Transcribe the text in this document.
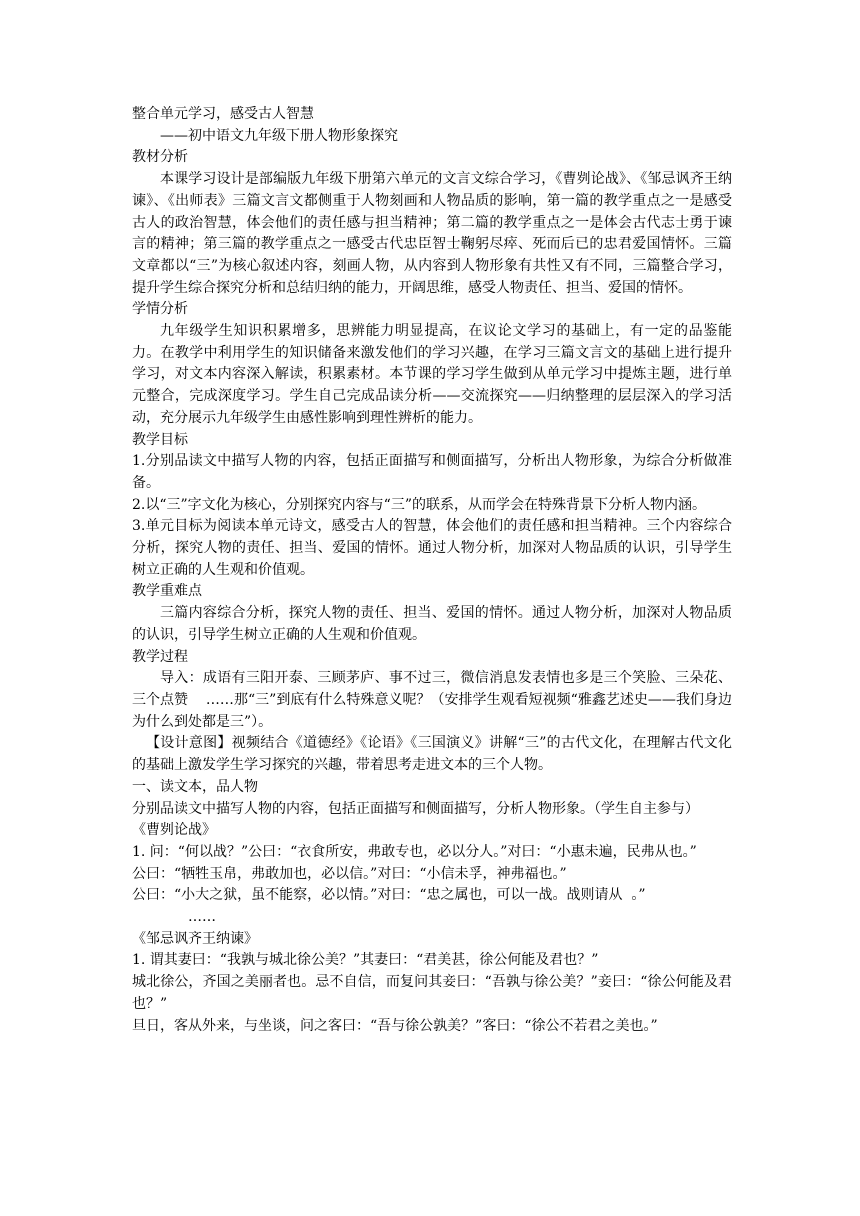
整合单元学习，感受古人智慧

——初中语文九年级下册人物形象探究

教材分析

本课学习设计是部编版九年级下册第六单元的文言文综合学习，《曹刿论战》、《邹忌讽齐王纳谏》、《出师表》三篇文言文都侧重于人物刻画和人物品质的影响，第一篇的教学重点之一是感受古人的政治智慧，体会他们的责任感与担当精神；第二篇的教学重点之一是体会古代志士勇于谏言的精神；第三篇的教学重点之一感受古代忠臣智士鞠躬尽瘁、死而后已的忠君爱国情怀。三篇文章都以“三”为核心叙述内容，刻画人物，从内容到人物形象有共性又有不同，三篇整合学习，提升学生综合探究分析和总结归纳的能力，开阔思维，感受人物责任、担当、爱国的情怀。

学情分析

九年级学生知识积累增多，思辨能力明显提高，在议论文学习的基础上，有一定的品鉴能力。在教学中利用学生的知识储备来激发他们的学习兴趣，在学习三篇文言文的基础上进行提升学习，对文本内容深入解读，积累素材。本节课的学习学生做到从单元学习中提炼主题，进行单元整合，完成深度学习。学生自己完成品读分析——交流探究——归纳整理的层层深入的学习活动，充分展示九年级学生由感性影响到理性辨析的能力。

教学目标

1.分别品读文中描写人物的内容，包括正面描写和侧面描写，分析出人物形象，为综合分析做准备。

2.以“三”字文化为核心，分别探究内容与“三”的联系，从而学会在特殊背景下分析人物内涵。

3.单元目标为阅读本单元诗文，感受古人的智慧，体会他们的责任感和担当精神。三个内容综合分析，探究人物的责任、担当、爱国的情怀。通过人物分析，加深对人物品质的认识，引导学生树立正确的人生观和价值观。

教学重难点

三篇内容综合分析，探究人物的责任、担当、爱国的情怀。通过人物分析，加深对人物品质的认识，引导学生树立正确的人生观和价值观。

教学过程

导入：成语有三阳开泰、三顾茅庐、事不过三，微信消息发表情也多是三个笑脸、三朵花、三个点赞    ……那“三”到底有什么特殊意义呢？（安排学生观看短视频“雅鑫艺述史——我们身边为什么到处都是三”）。

【设计意图】视频结合《道德经》《论语》《三国演义》讲解“三”的古代文化，在理解古代文化的基础上激发学生学习探究的兴趣，带着思考走进文本的三个人物。

一、读文本，品人物

分别品读文中描写人物的内容，包括正面描写和侧面描写，分析人物形象。（学生自主参与）

《曹刿论战》

1. 问：“何以战？”公曰：“衣食所安，弗敢专也，必以分人。”对曰：“小惠未遍，民弗从也。”

公曰：“牺牲玉帛，弗敢加也，必以信。”对曰：“小信未孚，神弗福也。”

公曰：“小大之狱，虽不能察，必以情。”对曰：“忠之属也，可以一战。战则请从  。”

……

《邹忌讽齐王纳谏》

1. 谓其妻曰：“我孰与城北徐公美？”其妻曰：“君美甚，徐公何能及君也？”

城北徐公，齐国之美丽者也。忌不自信，而复问其妾曰：“吾孰与徐公美？”妾曰：“徐公何能及君也？”

旦日，客从外来，与坐谈，问之客曰：“吾与徐公孰美？”客曰：“徐公不若君之美也。”
